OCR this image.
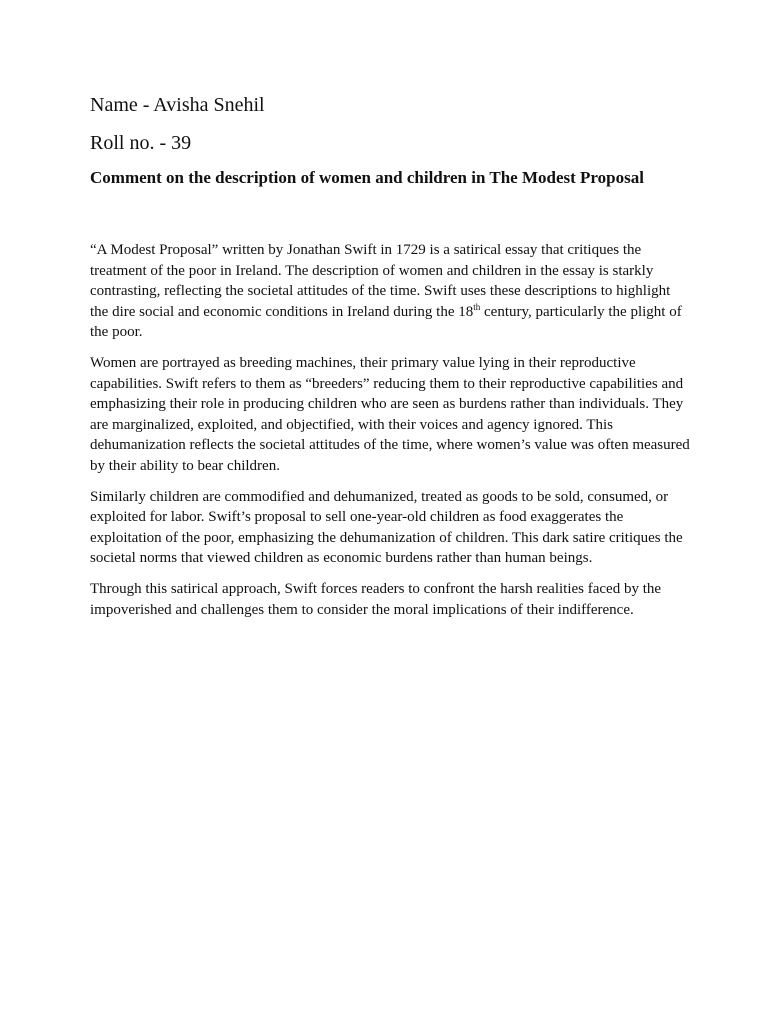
Name - Avisha Snehil
Roll no. - 39
Comment on the description of women and children in The Modest Proposal

“A Modest Proposal” written by Jonathan Swift in 1729 is a satirical essay that critiques the treatment of the poor in Ireland. The description of women and children in the essay is starkly contrasting, reflecting the societal attitudes of the time. Swift uses these descriptions to highlight the dire social and economic conditions in Ireland during the 18th century, particularly the plight of the poor.

Women are portrayed as breeding machines, their primary value lying in their reproductive capabilities. Swift refers to them as “breeders” reducing them to their reproductive capabilities and emphasizing their role in producing children who are seen as burdens rather than individuals. They are marginalized, exploited, and objectified, with their voices and agency ignored. This dehumanization reflects the societal attitudes of the time, where women’s value was often measured by their ability to bear children.

Similarly children are commodified and dehumanized, treated as goods to be sold, consumed, or exploited for labor. Swift’s proposal to sell one-year-old children as food exaggerates the exploitation of the poor, emphasizing the dehumanization of children. This dark satire critiques the societal norms that viewed children as economic burdens rather than human beings.

Through this satirical approach, Swift forces readers to confront the harsh realities faced by the impoverished and challenges them to consider the moral implications of their indifference.
